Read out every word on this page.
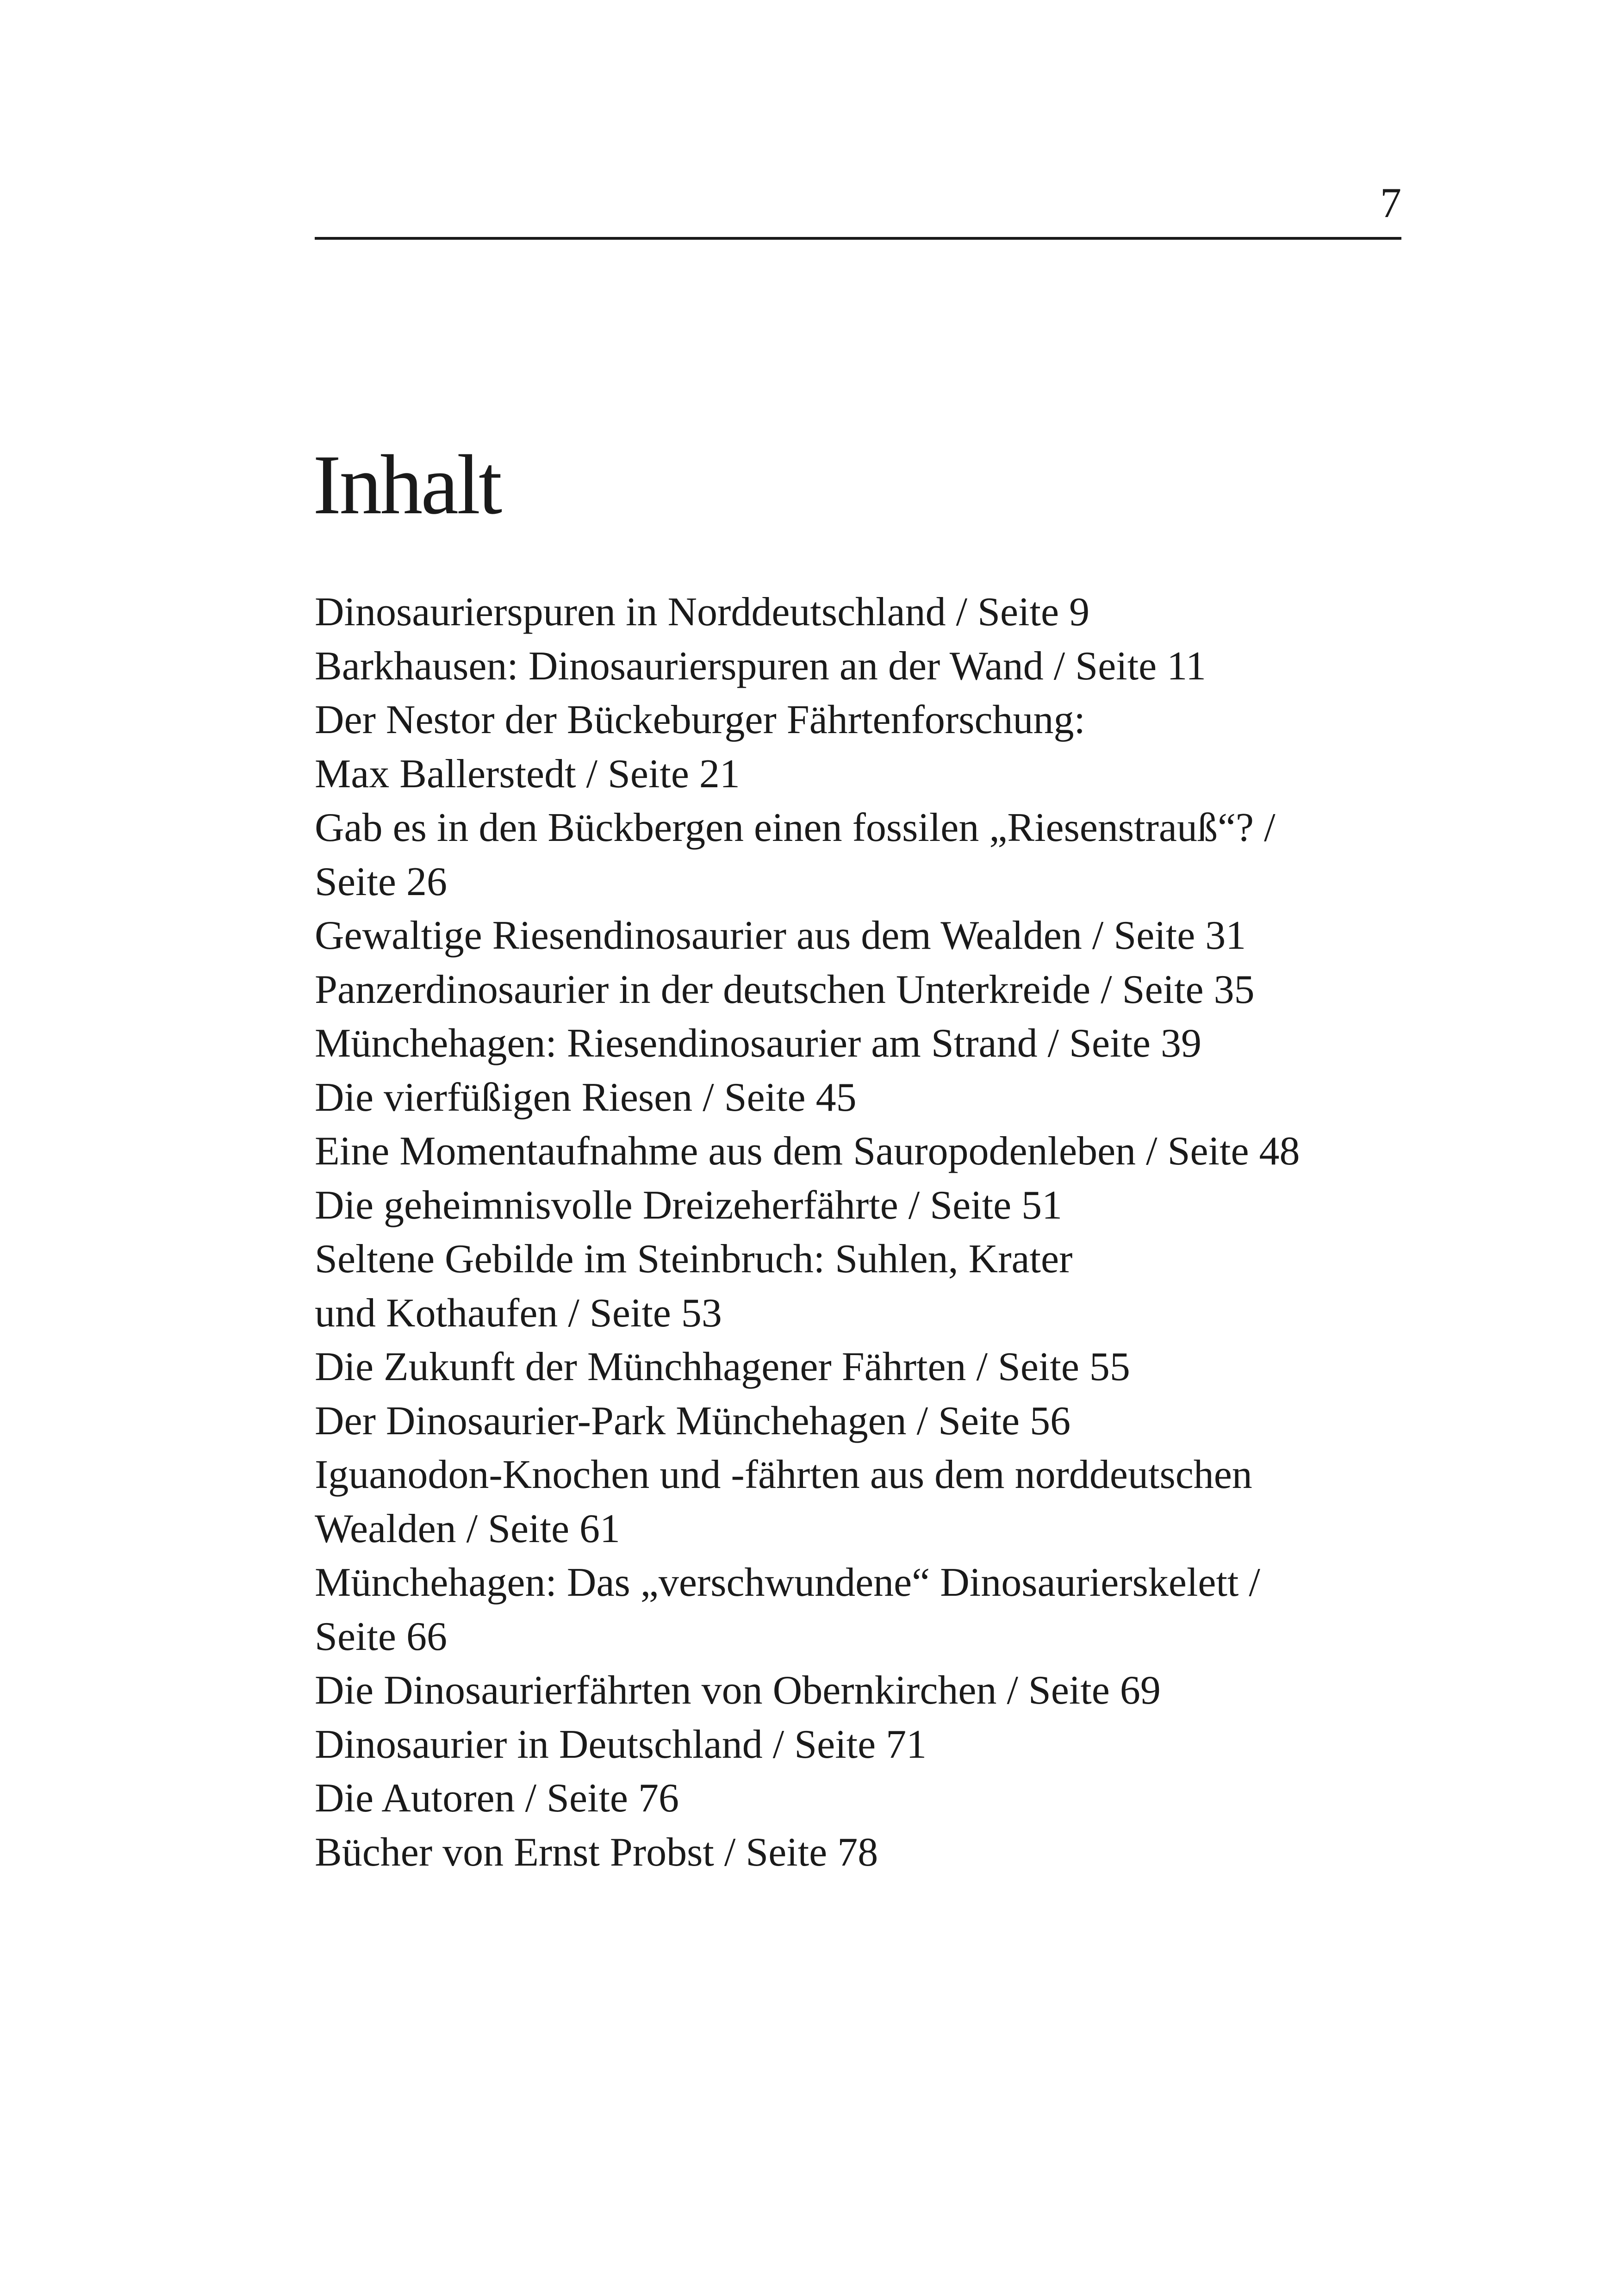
7
Inhalt
Dinosaurierspuren in Norddeutschland / Seite 9
Barkhausen: Dinosaurierspuren an der Wand / Seite 11
Der Nestor der Bückeburger Fährtenforschung:
Max Ballerstedt / Seite 21
Gab es in den Bückbergen einen fossilen „Riesenstrauß“? /
Seite 26
Gewaltige Riesendinosaurier aus dem Wealden / Seite 31
Panzerdinosaurier in der deutschen Unterkreide / Seite 35
Münchehagen: Riesendinosaurier am Strand / Seite 39
Die vierfüßigen Riesen / Seite 45
Eine Momentaufnahme aus dem Sauropodenleben / Seite 48
Die geheimnisvolle Dreizeherfährte / Seite 51
Seltene Gebilde im Steinbruch: Suhlen, Krater
und Kothaufen / Seite 53
Die Zukunft der Münchhagener Fährten / Seite 55
Der Dinosaurier-Park Münchehagen / Seite 56
Iguanodon-Knochen und -fährten aus dem norddeutschen
Wealden / Seite 61
Münchehagen: Das „verschwundene“ Dinosaurierskelett /
Seite 66
Die Dinosaurierfährten von Obernkirchen / Seite 69
Dinosaurier in Deutschland / Seite 71
Die Autoren / Seite 76
Bücher von Ernst Probst / Seite 78
